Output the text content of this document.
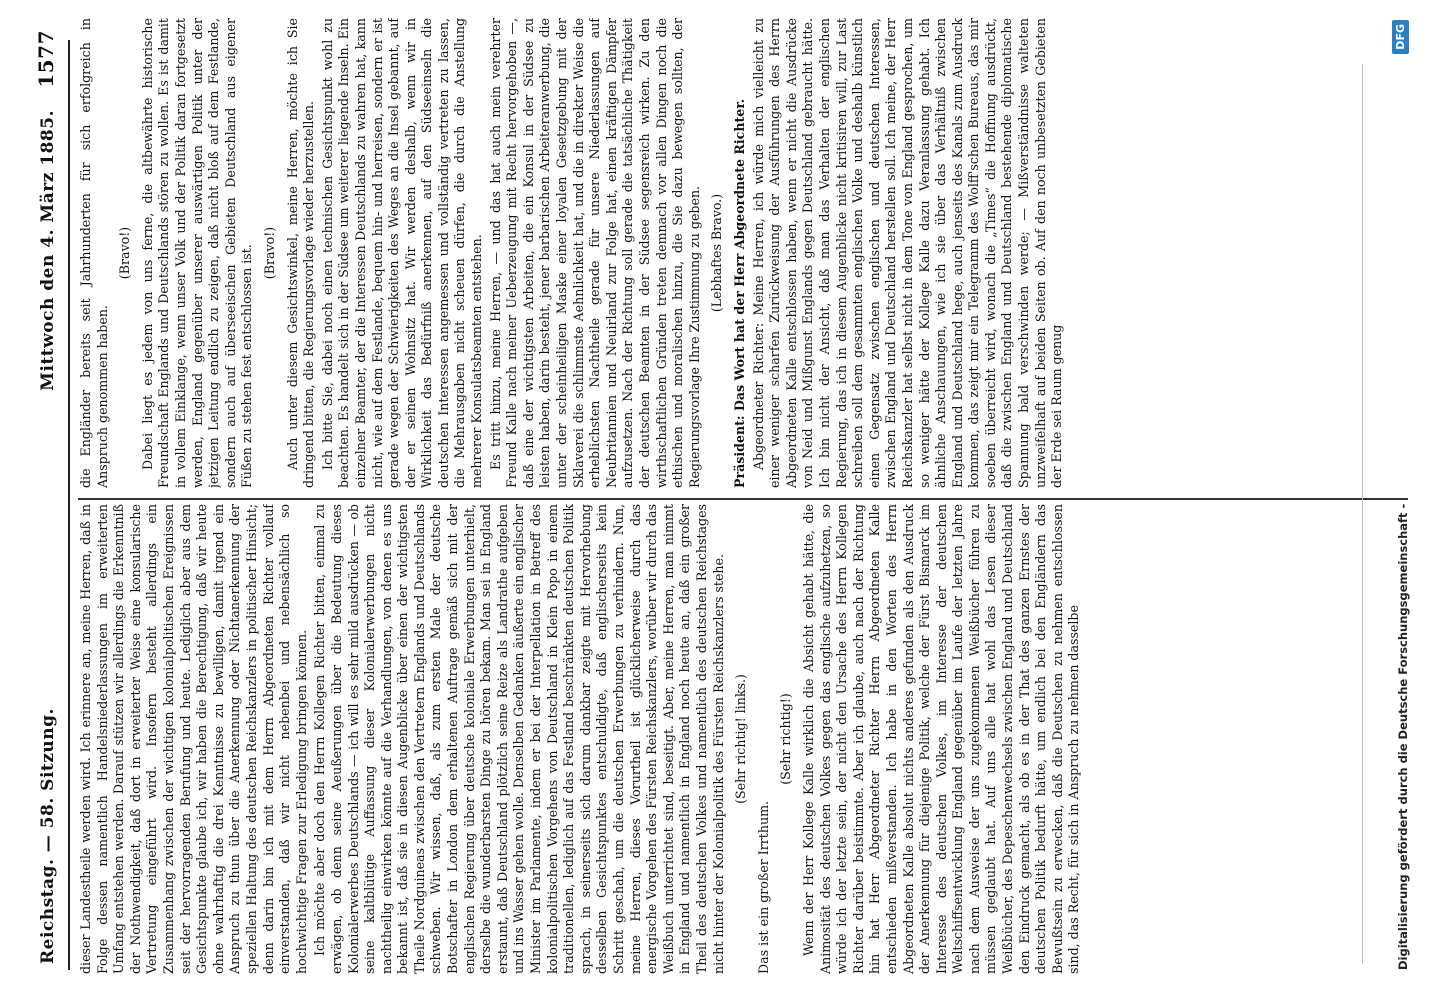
Reichstag. — 58. Sitzung.
Mittwoch den 4. März 1885.
1577

dieser Landestheile werden wird. Ich erinnere an, meine Herren, daß in Folge dessen namentlich Handelsniederlassungen im erweiterten Umfang entstehen werden. Darauf stützen wir allerdings die Erkenntniß der Nothwendigkeit, daß dort in erweiterter Weise eine konsularische Vertretung eingeführt wird. Insofern besteht allerdings ein Zusammenhang zwischen der wichtigen kolonialpolitischen Ereignissen seit der hervorragenden Berufung und heute. Lediglich aber aus dem Gesichtspunkte glaube ich, wir haben die Berechtigung, daß wir heute ohne wahrhaftig die drei Kenntnisse zu bewilligen, damit irgend ein Anspruch zu thun über die Anerkennung oder Nichtanerkennung der speziellen Haltung des deutschen Reichskanzlers in politischer Hinsicht; denn darin bin ich mit dem Herrn Abgeordneten Richter vollauf einverstanden, daß wir nicht nebenbei und nebensächlich so hochwichtige Fragen zur Erledigung bringen können. Ich möchte aber doch den Herrn Kollegen Richter bitten, einmal zu erwägen, ob denn seine Aeußerungen über die Bedeutung dieses Kolonialerwerbes Deutschlands — ich will es sehr mild ausdrücken — ob seine kaltblütige Auffassung dieser Kolonialerwerbungen nicht nachtheilig einwirken könnte auf die Verhandlungen, von denen es uns bekannt ist, daß sie in diesen Augenblicke über einen der wichtigsten Theile Nordguineas zwischen den Vertretern Englands und Deutschlands schweben. Wir wissen, daß, als zum ersten Male der deutsche Botschafter in London dem erhaltenen Auftrage gemäß sich mit der englischen Regierung über deutsche koloniale Erwerbungen unterhielt, derselbe die wunderbarsten Dinge zu hören bekam. Man sei in England erstaunt, daß Deutschland plötzlich seine Reize als Landrathe aufgeben und ins Wasser gehen wolle. Denselben Gedanken äußerte ein englischer Minister im Parlamente, indem er bei der Interpellation in Betreff des kolonialpolitischen Vorgehens von Deutschland in Klein Popo in einem traditionellen, lediglich auf das Festland beschränkten deutschen Politik sprach, in seinerseits sich darum dankbar zeigte mit Hervorhebung desselben Gesichtspunktes entschuldigte, daß englischerseits kein Schritt geschah, um die deutschen Erwerbungen zu verhindern. Nun, meine Herren, dieses Vorurtheil ist glücklicherweise durch das energische Vorgehen des Fürsten Reichskanzlers, worüber wir durch das Weißbuch unterrichtet sind, beseitigt. Aber, meine Herren, man nimmt in England und namentlich in England noch heute an, daß ein großer Theil des deutschen Volkes und namentlich des deutschen Reichstages nicht hinter der Kolonialpolitik des Fürsten Reichskanzlers stehe. (Sehr richtig! links.)

Das ist ein großer Irrthum.

(Sehr richtig!) Wenn der Herr Kollege Kalle wirklich die Absicht gehabt hätte, die Animosität des deutschen Volkes gegen das englische aufzuhetzen, so würde ich der letzte sein, der nicht den Ursache des Herrn Kollegen Richter darüber beistimmte. Aber ich glaube, auch nach der Richtung hin hat Herr Abgeordneter Richter Herrn Abgeordneten Kalle entschieden mißverstanden. Ich habe in den Worten des Herrn Abgeordneten Kalle absolut nichts anderes gefunden als den Ausdruck der Anerkennung für diejenige Politik, welche der Fürst Bismarck im Interesse des deutschen Volkes, im Interesse der deutschen Weltschiffsentwicklung England gegenüber im Laufe der letzten Jahre nach dem Ausweise der uns zugekommenen Weißbücher führen zu müssen geglaubt hat. Auf uns alle hat wohl das Lesen dieser Weißbücher, des Depeschenwechsels zwischen England und Deutschland den Eindruck gemacht, als ob es in der That des ganzen Ernstes der deutschen Politik bedurft hätte, um endlich bei den Engländern das Bewußtsein zu erwecken, daß die Deutschen zu nehmen entschlossen sind, das Recht, für sich in Anspruch zu nehmen dasselbe

die Engländer bereits seit Jahrhunderten für sich erfolgreich in Anspruch genommen haben.

(Bravo!) Dabei liegt es jedem von uns ferne, die altbewährte historische Freundschaft Englands und Deutschlands stören zu wollen. Es ist damit in vollem Einklange, wenn unser Volk und der Politik daran fortgesetzt werden, England gegenüber unserer auswärtigen Politik unter der jetzigen Leitung endlich zu zeigen, daß nicht bloß auf dem Festlande, sondern auch auf überseeischen Gebieten Deutschland aus eigener Füßen zu stehen fest entschlossen ist. (Bravo!) Auch unter diesem Gesichtswinkel, meine Herren, möchte ich Sie dringend bitten, die Regierungsvorlage wieder herzustellen. Ich bitte Sie, dabei noch einen technischen Gesichtspunkt wohl zu beachten. Es handelt sich in der Südsee um weiterer liegende Inseln. Ein einzelner Beamter, der die Interessen Deutschlands zu wahren hat, kann nicht, wie auf dem Festlande, bequem hin- und herreisen, sondern er ist gerade wegen der Schwierigkeiten des Weges an die Insel gebannt, auf der er seinen Wohnsitz hat. Wir werden deshalb, wenn wir in Wirklichkeit das Bedürfniß anerkennen, auf den Südseeinseln die deutschen Interessen angemessen und vollständig vertreten zu lassen, die Mehrausgaben nicht scheuen dürfen, die durch die Anstellung mehrerer Konsulatsbeamten entstehen. Es tritt hinzu, meine Herren, — und das hat auch mein verehrter Freund Kalle nach meiner Ueberzeugung mit Recht hervorgehoben —, daß eine der wichtigsten Arbeiten, die ein Konsul in der Südsee zu leisten haben, darin besteht, jener barbarischen Arbeiteranwerbung, die unter der scheinheiligen Maske einer loyalen Gesetzgebung mit der Sklaverei die schlimmste Aehnlichkeit hat, und die in direkter Weise die erheblichsten Nachtheile gerade für unsere Niederlassungen auf Neubritannien und Neuirland zur Folge hat, einen kräftigen Dämpfer aufzusetzen. Nach der Richtung soll gerade die tatsächliche Thätigkeit der deutschen Beamten in der Südsee segensreich wirken. Zu den wirthschaftlichen Gründen treten demnach vor allen Dingen noch die ethischen und moralischen hinzu, die Sie dazu bewegen sollten, der Regierungsvorlage Ihre Zustimmung zu geben. (Lebhaftes Bravo.) Präsident: Das Wort hat der Herr Abgeordnete Richter. Abgeordneter Richter: Meine Herren, ich würde mich vielleicht zu einer weniger scharfen Zurückweisung der Ausführungen des Herrn Abgeordneten Kalle entschlossen haben, wenn er nicht die Ausdrücke von Neid und Mißgunst Englands gegen Deutschland gebraucht hätte. Ich bin nicht der Ansicht, daß man das Verhalten der englischen Regierung, das ich in diesem Augenblicke nicht kritisiren will, zur Last schreiben soll dem gesammten englischen Volke und deshalb künstlich einen Gegensatz zwischen englischen und deutschen Interessen, zwischen England und Deutschland herstellen soll. Ich meine, der Herr Reichskanzler hat selbst nicht in dem Tone von England gesprochen, um so weniger hätte der Kollege Kalle dazu Veranlassung gehabt. Ich ähnliche Anschauungen, wie ich sie über das Verhältniß zwischen England und Deutschland hege, auch jenseits des Kanals zum Ausdruck kommen, das zeigt mir ein Telegramm des Wolff'schen Bureaus, das mir soeben überreicht wird, wonach die „Times“ die Hoffnung ausdrückt, daß die zwischen England und Deutschland bestehende diplomatische Spannung bald verschwinden werde; — Mißverständnisse walteten unzweifelhaft auf beiden Seiten ob. Auf den noch unbesetzten Gebieten der Erde sei Raum genug

Digitalisierung gefördert durch die Deutsche Forschungsgemeinschaft -
DFG
